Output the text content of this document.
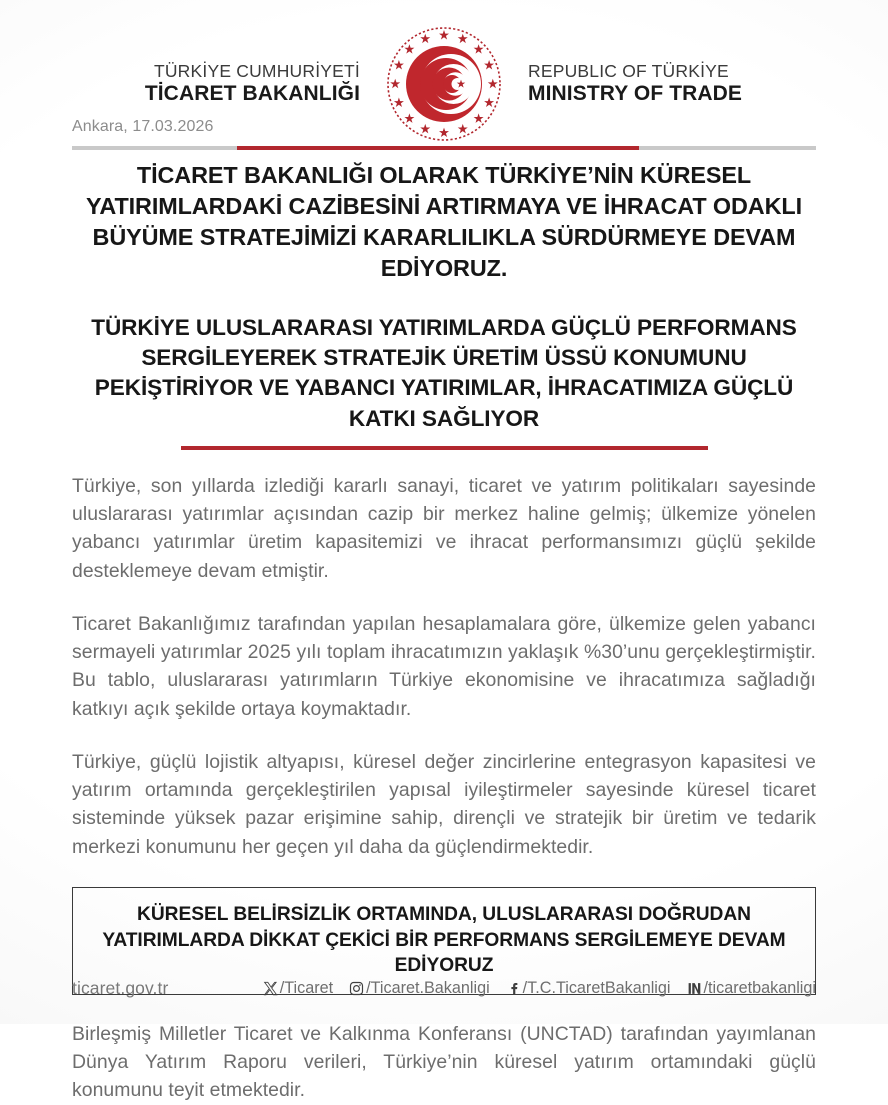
TÜRKİYE CUMHURİYETİ
TİCARET BAKANLIĞI
REPUBLIC OF TÜRKİYE
MINISTRY OF TRADE
Ankara, 17.03.2026
TİCARET BAKANLIĞI OLARAK TÜRKİYE’NİN KÜRESEL YATIRIMLARDAKİ CAZİBESİNİ ARTIRMAYA VE İHRACAT ODAKLI BÜYÜME STRATEJİMİZİ KARARLILIKLA SÜRDÜRMEYE DEVAM EDİYORUZ.
TÜRKİYE ULUSLARARASI YATIRIMLARDA GÜÇLÜ PERFORMANS SERGİLEYEREK STRATEJİK ÜRETİM ÜSSÜ KONUMUNU PEKİŞTİRİYOR VE YABANCI YATIRIMLAR, İHRACATIMIZA GÜÇLÜ KATKI SAĞLIYOR

Türkiye, son yıllarda izlediği kararlı sanayi, ticaret ve yatırım politikaları sayesinde uluslararası yatırımlar açısından cazip bir merkez haline gelmiş; ülkemize yönelen yabancı yatırımlar üretim kapasitemizi ve ihracat performansımızı güçlü şekilde desteklemeye devam etmiştir.

Ticaret Bakanlığımız tarafından yapılan hesaplamalara göre, ülkemize gelen yabancı sermayeli yatırımlar 2025 yılı toplam ihracatımızın yaklaşık %30’unu gerçekleştirmiştir. Bu tablo, uluslararası yatırımların Türkiye ekonomisine ve ihracatımıza sağladığı katkıyı açık şekilde ortaya koymaktadır.

Türkiye, güçlü lojistik altyapısı, küresel değer zincirlerine entegrasyon kapasitesi ve yatırım ortamında gerçekleştirilen yapısal iyileştirmeler sayesinde küresel ticaret sisteminde yüksek pazar erişimine sahip, dirençli ve stratejik bir üretim ve tedarik merkezi konumunu her geçen yıl daha da güçlendirmektedir.

KÜRESEL BELİRSİZLİK ORTAMINDA, ULUSLARARASI DOĞRUDAN YATIRIMLARDA DİKKAT ÇEKİCİ BİR PERFORMANS SERGİLEMEYE DEVAM EDİYORUZ

Birleşmiş Milletler Ticaret ve Kalkınma Konferansı (UNCTAD) tarafından yayımlanan Dünya Yatırım Raporu verileri, Türkiye’nin küresel yatırım ortamındaki güçlü konumunu teyit etmektedir.

ticaret.gov.tr	/Ticaret /Ticaret.Bakanligi /T.C.TicaretBakanligi /ticaretbakanligi
